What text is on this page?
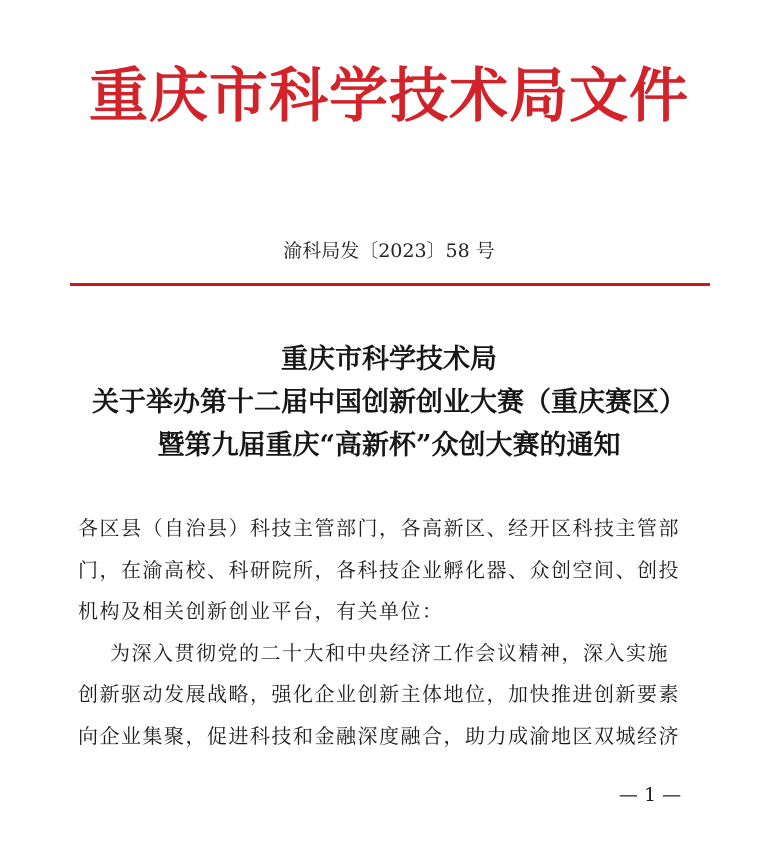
重庆市科学技术局文件
渝科局发〔2023〕58 号
重庆市科学技术局
关于举办第十二届中国创新创业大赛（重庆赛区）
暨第九届重庆“高新杯”众创大赛的通知
各区县（自治县）科技主管部门，各高新区、经开区科技主管部
门，在渝高校、科研院所，各科技企业孵化器、众创空间、创投
机构及相关创新创业平台，有关单位：
为深入贯彻党的二十大和中央经济工作会议精神，深入实施
创新驱动发展战略，强化企业创新主体地位，加快推进创新要素
向企业集聚，促进科技和金融深度融合，助力成渝地区双城经济
— 1 —
